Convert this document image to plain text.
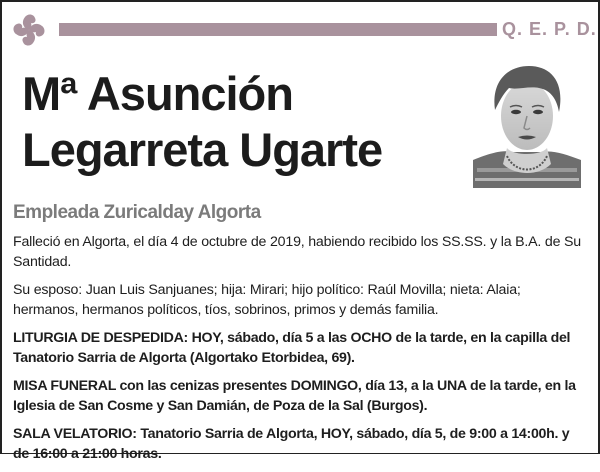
Q. E. P. D.
Mª Asunción
Legarreta Ugarte
Empleada Zuricalday Algorta

Falleció en Algorta, el día 4 de octubre de 2019, habiendo recibido los SS.SS. y la B.A. de Su Santidad.

Su esposo: Juan Luis Sanjuanes; hija: Mirari; hijo político: Raúl Movilla; nieta: Alaia; hermanos, hermanos políticos, tíos, sobrinos, primos y demás familia.

LITURGIA DE DESPEDIDA: HOY, sábado, día 5 a las OCHO de la tarde, en la capilla del Tanatorio Sarria de Algorta (Algortako Etorbidea, 69).

MISA FUNERAL con las cenizas presentes DOMINGO, día 13, a la UNA de la tarde, en la Iglesia de San Cosme y San Damián, de Poza de la Sal (Burgos).

SALA VELATORIO: Tanatorio Sarria de Algorta, HOY, sábado, día 5, de 9:00 a 14:00h. y de 16:00 a 21:00 horas.
